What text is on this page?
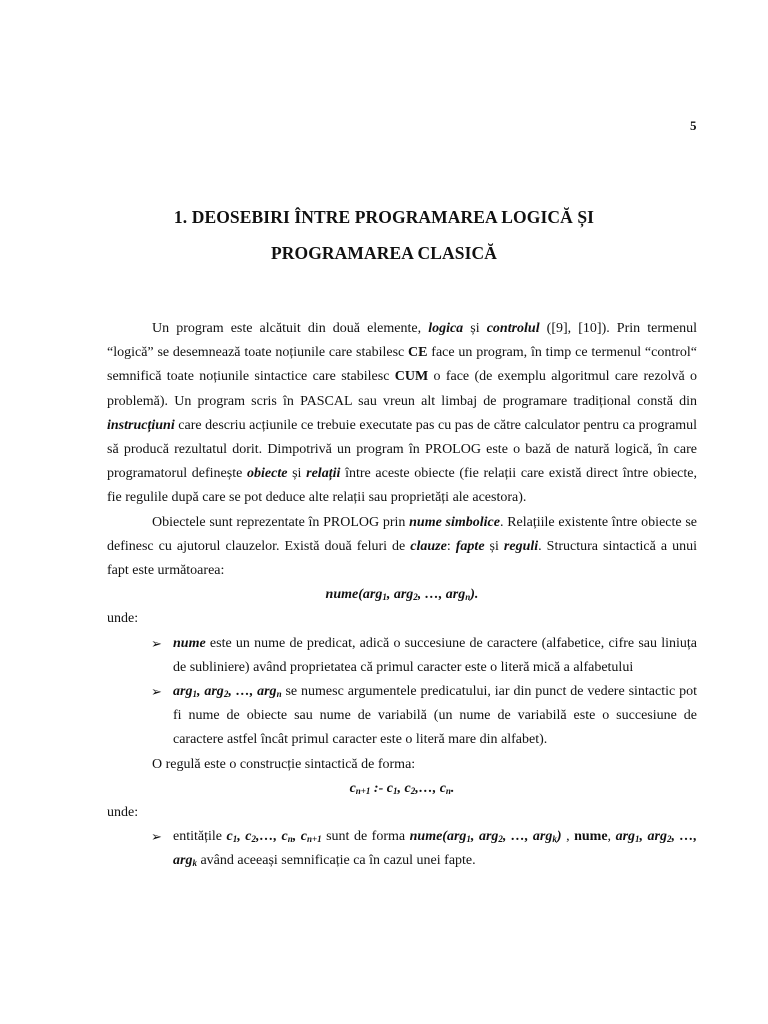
5
1. DEOSEBIRI ÎNTRE PROGRAMAREA LOGICĂ ȘI
PROGRAMAREA CLASICĂ

Un program este alcătuit din două elemente, logica și controlul ([9], [10]). Prin termenul “logică” se desemnează toate noțiunile care stabilesc CE face un program, în timp ce termenul “control“ semnifică toate noțiunile sintactice care stabilesc CUM o face (de exemplu algoritmul care rezolvă o problemă). Un program scris în PASCAL sau vreun alt limbaj de programare tradițional constă din instrucțiuni care descriu acțiunile ce trebuie executate pas cu pas de către calculator pentru ca programul să producă rezultatul dorit. Dimpotrivă un program în PROLOG este o bază de natură logică, în care programatorul definește obiecte și relații între aceste obiecte (fie relații care există direct între obiecte, fie regulile după care se pot deduce alte relații sau proprietăți ale acestora).

Obiectele sunt reprezentate în PROLOG prin nume simbolice. Relațiile existente între obiecte se definesc cu ajutorul clauzelor. Există două feluri de clauze: fapte și reguli. Structura sintactică a unui fapt este următoarea:

nume(arg$_1$, arg$_2$, …, arg$_n$).

unde:

➢ nume este un nume de predicat, adică o succesiune de caractere (alfabetice, cifre sau liniuța de subliniere) având proprietatea că primul caracter este o literă mică a alfabetului

➢ arg$_1$, arg$_2$, …, arg$_n$ se numesc argumentele predicatului, iar din punct de vedere sintactic pot fi nume de obiecte sau nume de variabilă (un nume de variabilă este o succesiune de caractere astfel încât primul caracter este o literă mare din alfabet).

O regulă este o construcție sintactică de forma:

$c_{n+1}$ :- $c_1$, $c_2,\dots$, $c_n$.

unde:

➢ entitățile $c_1$, $c_2,\dots$, $c_n$, $c_{n+1}$ sunt de forma nume(arg$_1$, arg$_2$, …, arg$_k$) , nume, arg$_1$, arg$_2$, …, arg$_k$ având aceeași semnificație ca în cazul unei fapte.
